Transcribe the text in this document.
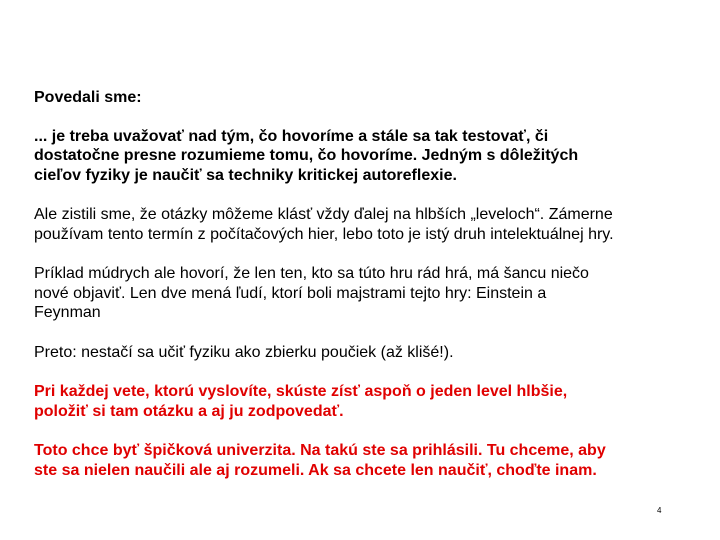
Povedali sme:

... je treba uvažovať nad tým, čo hovoríme a stále sa tak testovať, či
dostatočne presne rozumieme tomu, čo hovoríme. Jedným s dôležitých
cieľov fyziky je naučiť sa techniky kritickej autoreflexie.

Ale zistili sme, že otázky môžeme klásť vždy ďalej na hlbších „leveloch“. Zámerne
používam tento termín z počítačových hier, lebo toto je istý druh intelektuálnej hry.

Príklad múdrych ale hovorí, že len ten, kto sa túto hru rád hrá, má šancu niečo
nové objaviť. Len dve mená ľudí, ktorí boli majstrami tejto hry: Einstein a
Feynman

Preto: nestačí sa učiť fyziku ako zbierku poučiek (až klišé!).

Pri každej vete, ktorú vyslovíte, skúste zísť aspoň o jeden level hlbšie,
položiť si tam otázku a aj ju zodpovedať.

Toto chce byť špičková univerzita. Na takú ste sa prihlásili. Tu chceme, aby
ste sa nielen naučili ale aj rozumeli. Ak sa chcete len naučiť, choďte inam.

4
